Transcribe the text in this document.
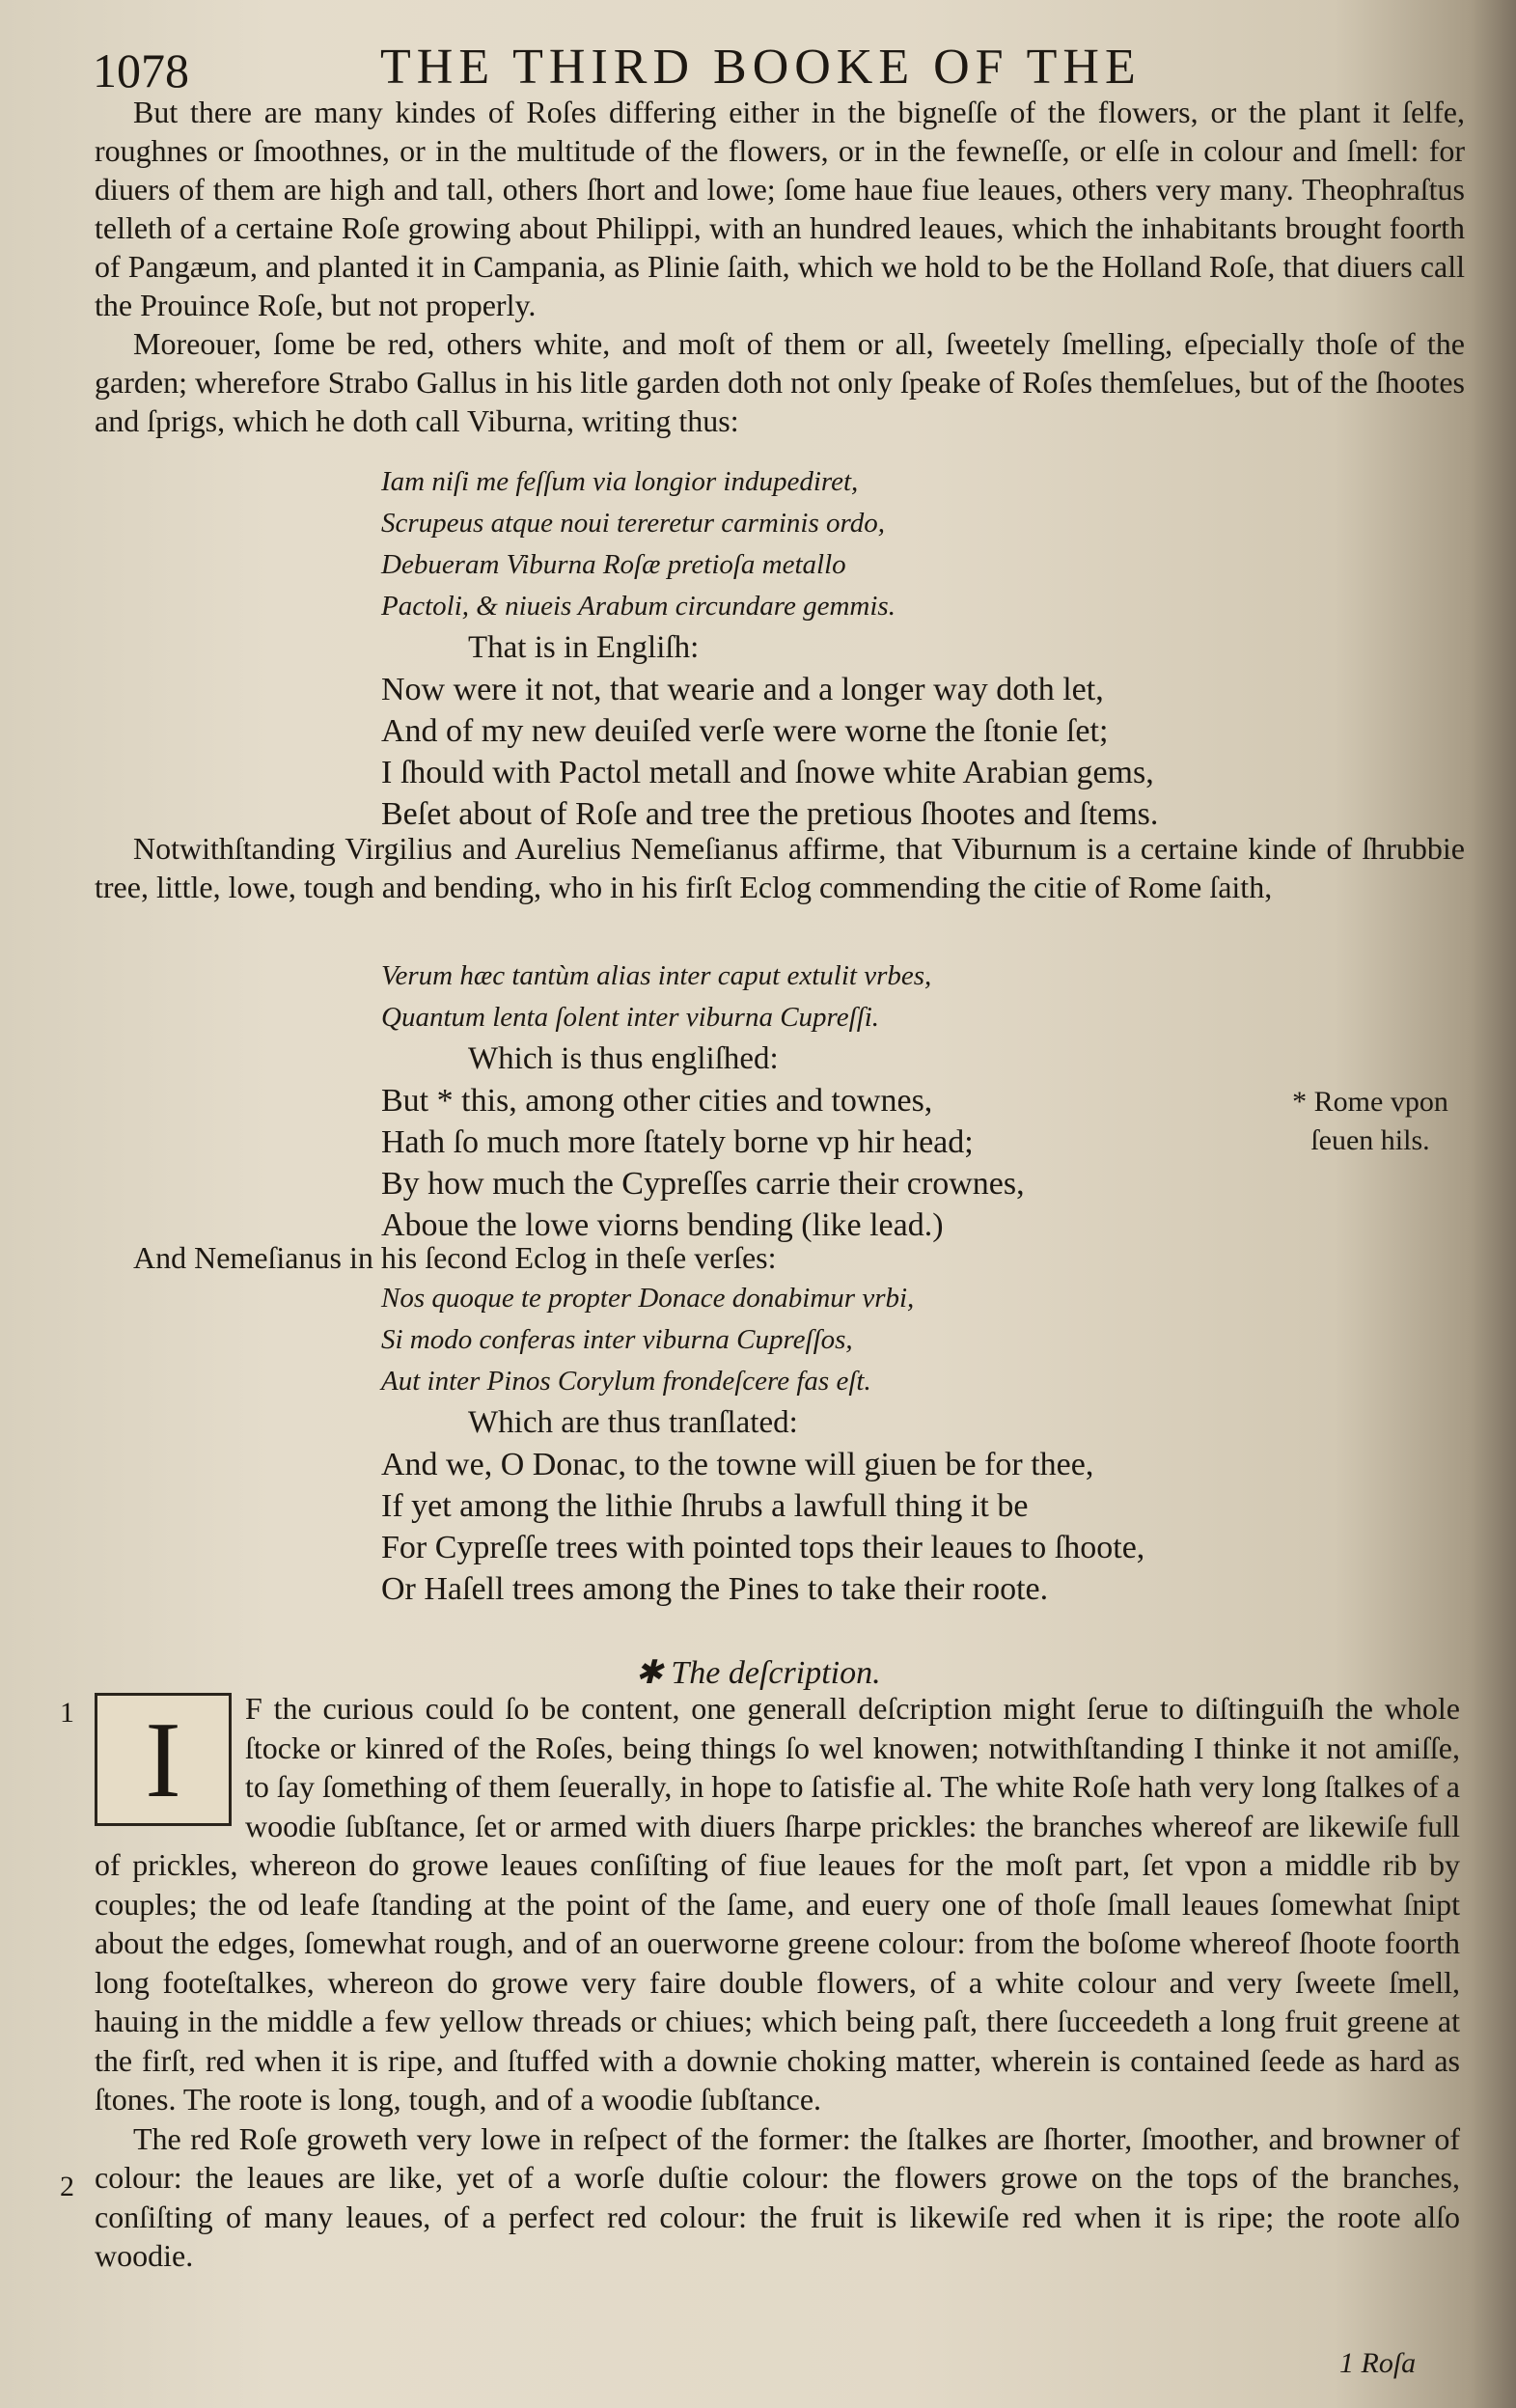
1078	THE THIRD BOOKE OF THE

But there are many kindes of Roſes differing either in the bigneſſe of the flowers, or the plant it ſelfe, roughnes or ſmoothnes, or in the multitude of the flowers, or in the fewneſſe, or elſe in colour and ſmell: for diuers of them are high and tall, others ſhort and lowe; ſome haue fiue leaues, others very many. Theophraſtus telleth of a certaine Roſe growing about Philippi, with an hundred leaues, which the inhabitants brought foorth of Pangæum, and planted it in Campania, as Plinie ſaith, which we hold to be the Holland Roſe, that diuers call the Prouince Roſe, but not properly.

Moreouer, ſome be red, others white, and moſt of them or all, ſweetely ſmelling, eſpecially thoſe of the garden; wherefore Strabo Gallus in his litle garden doth not only ſpeake of Roſes themſelues, but of the ſhootes and ſprigs, which he doth call Viburna, writing thus:

Iam niſi me feſſum via longior indupediret,
Scrupeus atque noui tereretur carminis ordo,
Debueram Viburna Roſæ pretioſa metallo
Pactoli, & niueis Arabum circundare gemmis.
That is in Engliſh:
Now were it not, that wearie and a longer way doth let,
And of my new deuiſed verſe were worne the ſtonie ſet;
I ſhould with Pactol metall and ſnowe white Arabian gems,
Beſet about of Roſe and tree the pretious ſhootes and ſtems.

Notwithſtanding Virgilius and Aurelius Nemeſianus affirme, that Viburnum is a certaine kinde of ſhrubbie tree, little, lowe, tough and bending, who in his firſt Eclog commending the citie of Rome ſaith,

Verum hæc tantùm alias inter caput extulit vrbes,
Quantum lenta ſolent inter viburna Cupreſſi.
Which is thus engliſhed:
But * this, among other cities and townes,
Hath ſo much more ſtately borne vp hir head;
By how much the Cypreſſes carrie their crownes,
Aboue the lowe viorns bending (like lead.)
* Rome vpon
ſeuen hils.

And Nemeſianus in his ſecond Eclog in theſe verſes:

Nos quoque te propter Donace donabimur vrbi,
Si modo conferas inter viburna Cupreſſos,
Aut inter Pinos Corylum frondeſcere fas eſt.
Which are thus tranſlated:
And we, O Donac, to the towne will giuen be for thee,
If yet among the lithie ſhrubs a lawfull thing it be
For Cypreſſe trees with pointed tops their leaues to ſhoote,
Or Haſell trees among the Pines to take their roote.
✱ The deſcription.
1
2

I	F the curious could ſo be content, one generall deſcription might ſerue to diſtinguiſh the whole ſtocke or kinred of the Roſes, being things ſo wel knowen; notwithſtanding I thinke it not amiſſe, to ſay ſomething of them ſeuerally, in hope to ſatisfie al. The white Roſe hath very long ſtalkes of a woodie ſubſtance, ſet or armed with diuers ſharpe prickles: the branches whereof are likewiſe full of prickles, whereon do growe leaues conſiſting of fiue leaues for the moſt part, ſet vpon a middle rib by couples; the od leafe ſtanding at the point of the ſame, and euery one of thoſe ſmall leaues ſomewhat ſnipt about the edges, ſomewhat rough, and of an ouerworne greene colour: from the boſome whereof ſhoote foorth long footeſtalkes, whereon do growe very faire double flowers, of a white colour and very ſweete ſmell, hauing in the middle a few yellow threads or chiues; which being paſt, there ſucceedeth a long fruit greene at the firſt, red when it is ripe, and ſtuffed with a downie choking matter, wherein is contained ſeede as hard as ſtones. The roote is long, tough, and of a woodie ſubſtance.

The red Roſe groweth very lowe in reſpect of the former: the ſtalkes are ſhorter, ſmoother, and browner of colour: the leaues are like, yet of a worſe duſtie colour: the flowers growe on the tops of the branches, conſiſting of many leaues, of a perfect red colour: the fruit is likewiſe red when it is ripe; the roote alſo woodie.

1 Roſa
